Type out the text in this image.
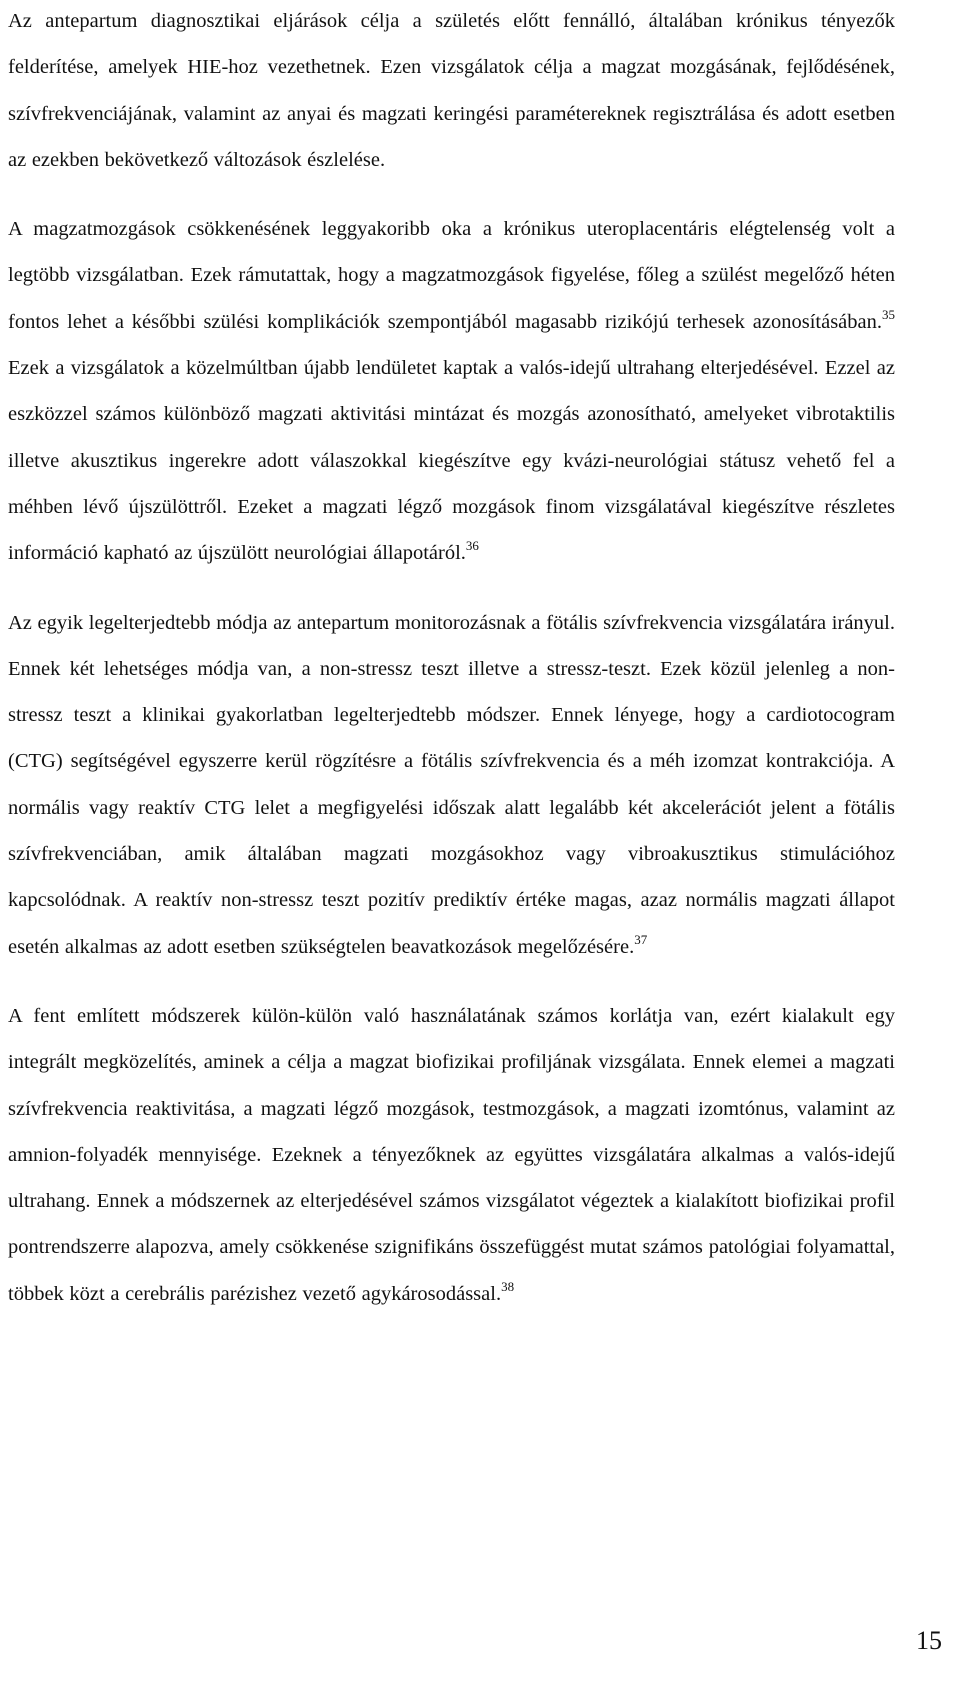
Az antepartum diagnosztikai eljárások célja a születés előtt fennálló, általában krónikus tényezők felderítése, amelyek HIE-hoz vezethetnek. Ezen vizsgálatok célja a magzat mozgásának, fejlődésének, szívfrekvenciájának, valamint az anyai és magzati keringési paramétereknek regisztrálása és adott esetben az ezekben bekövetkező változások észlelése.

A magzatmozgások csökkenésének leggyakoribb oka a krónikus uteroplacentáris elégtelenség volt a legtöbb vizsgálatban. Ezek rámutattak, hogy a magzatmozgások figyelése, főleg a szülést megelőző héten fontos lehet a későbbi szülési komplikációk szempontjából magasabb rizikójú terhesek azonosításában.$^{35}$ Ezek a vizsgálatok a közelmúltban újabb lendületet kaptak a valós-idejű ultrahang elterjedésével. Ezzel az eszközzel számos különböző magzati aktivitási mintázat és mozgás azonosítható, amelyeket vibrotaktilis illetve akusztikus ingerekre adott válaszokkal kiegészítve egy kvázi-neurológiai státusz vehető fel a méhben lévő újszülöttről. Ezeket a magzati légző mozgások finom vizsgálatával kiegészítve részletes információ kapható az újszülött neurológiai állapotáról.$^{36}$

Az egyik legelterjedtebb módja az antepartum monitorozásnak a fötális szívfrekvencia vizsgálatára irányul. Ennek két lehetséges módja van, a non-stressz teszt illetve a stressz-teszt. Ezek közül jelenleg a non-stressz teszt a klinikai gyakorlatban legelterjedtebb módszer. Ennek lényege, hogy a cardiotocogram (CTG) segítségével egyszerre kerül rögzítésre a fötális szívfrekvencia és a méh izomzat kontrakciója. A normális vagy reaktív CTG lelet a megfigyelési időszak alatt legalább két akcelerációt jelent a fötális szívfrekvenciában, amik általában magzati mozgásokhoz vagy vibroakusztikus stimulációhoz kapcsolódnak. A reaktív non-stressz teszt pozitív prediktív értéke magas, azaz normális magzati állapot esetén alkalmas az adott esetben szükségtelen beavatkozások megelőzésére.$^{37}$

A fent említett módszerek külön-külön való használatának számos korlátja van, ezért kialakult egy integrált megközelítés, aminek a célja a magzat biofizikai profiljának vizsgálata. Ennek elemei a magzati szívfrekvencia reaktivitása, a magzati légző mozgások, testmozgások, a magzati izomtónus, valamint az amnion-folyadék mennyisége. Ezeknek a tényezőknek az együttes vizsgálatára alkalmas a valós-idejű ultrahang. Ennek a módszernek az elterjedésével számos vizsgálatot végeztek a kialakított biofizikai profil pontrendszerre alapozva, amely csökkenése szignifikáns összefüggést mutat számos patológiai folyamattal, többek közt a cerebrális parézishez vezető agykárosodással.$^{38}$

15
